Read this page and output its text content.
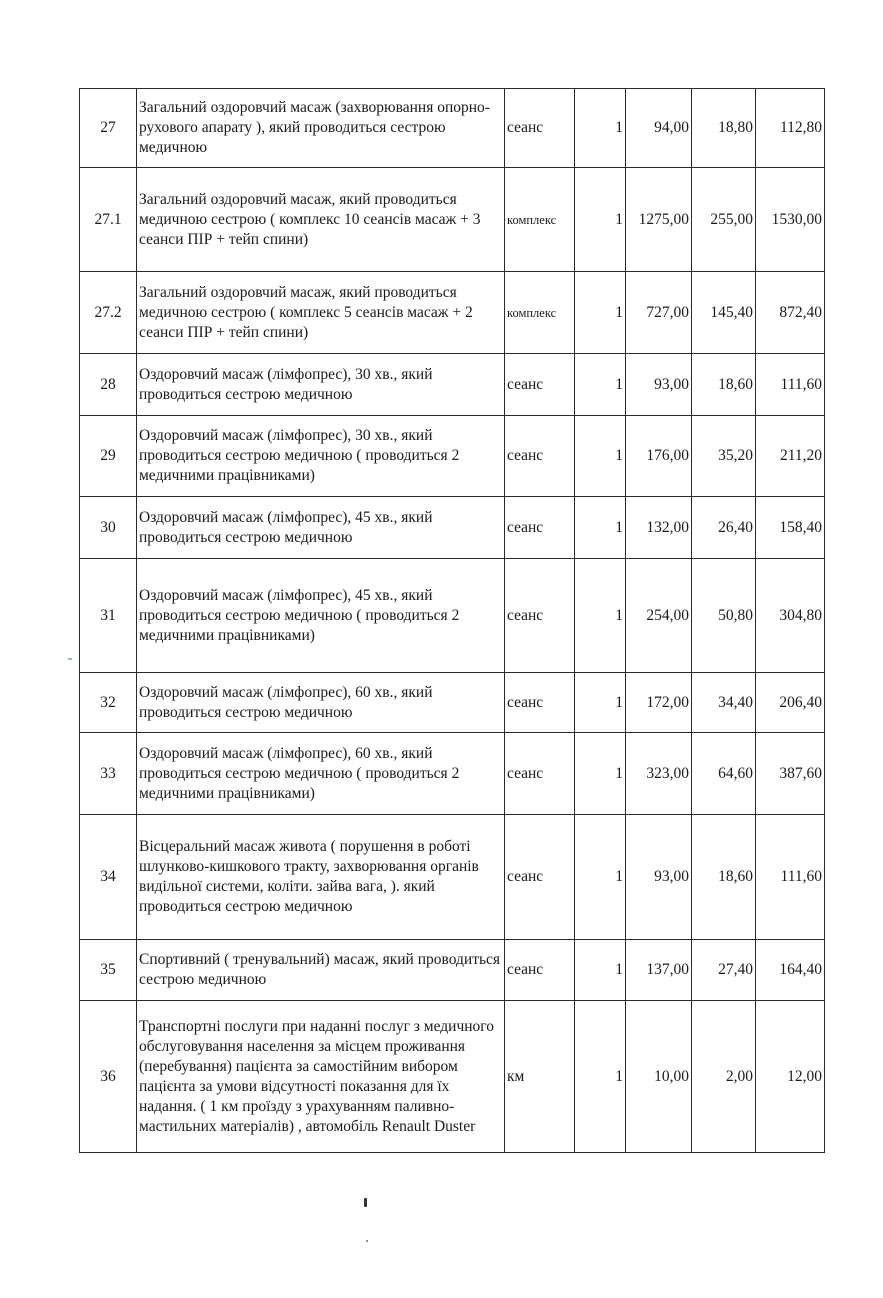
27	Загальний оздоровчий масаж (захворювання опорно-рухового апарату ), який проводиться сестрою медичною	сеанс	1	94,00	18,80	112,80
27.1	Загальний оздоровчий масаж, який проводиться медичною сестрою ( комплекс 10 сеансів масаж + 3 сеанси ПІР + тейп спини)	комплекс	1	1275,00	255,00	1530,00
27.2	Загальний оздоровчий масаж, який проводиться медичною сестрою ( комплекс 5 сеансів масаж + 2 сеанси ПІР + тейп спини)	комплекс	1	727,00	145,40	872,40
28	Оздоровчий масаж (лімфопрес), 30 хв., який проводиться сестрою медичною	сеанс	1	93,00	18,60	111,60
29	Оздоровчий масаж (лімфопрес), 30 хв., який проводиться сестрою медичною ( проводиться 2 медичними працівниками)	сеанс	1	176,00	35,20	211,20
30	Оздоровчий масаж (лімфопрес), 45 хв., який проводиться сестрою медичною	сеанс	1	132,00	26,40	158,40
31	Оздоровчий масаж (лімфопрес), 45 хв., який проводиться сестрою медичною ( проводиться 2 медичними працівниками)	сеанс	1	254,00	50,80	304,80
32	Оздоровчий масаж (лімфопрес), 60 хв., який проводиться сестрою медичною	сеанс	1	172,00	34,40	206,40
33	Оздоровчий масаж (лімфопрес), 60 хв., який проводиться сестрою медичною ( проводиться 2 медичними працівниками)	сеанс	1	323,00	64,60	387,60
34	Вісцеральний масаж живота ( порушення в роботі шлунково-кишкового тракту, захворювання органів видільної системи, коліти. зайва вага, ). який проводиться сестрою медичною	сеанс	1	93,00	18,60	111,60
35	Спортивний ( тренувальний) масаж, який проводиться сестрою медичною	сеанс	1	137,00	27,40	164,40
36	Транспортні послуги при наданні послуг з медичного обслуговування населення за місцем проживання (перебування) пацієнта за самостійним вибором пацієнта за умови відсутності показання для їх надання. ( 1 км проїзду з урахуванням паливно-мастильних матеріалів) , автомобіль Renault Duster	км	1	10,00	2,00	12,00
